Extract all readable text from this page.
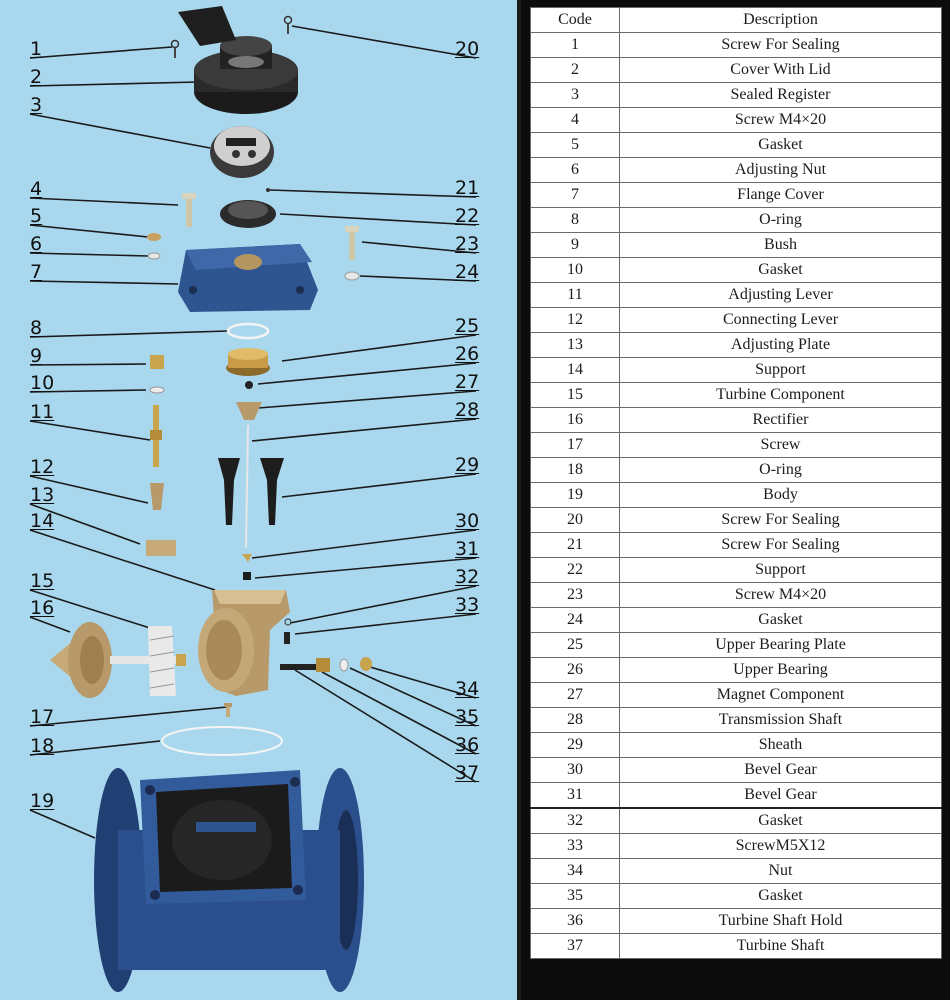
1
2
3
4
5
6
7
8
9
10
11
12
13
14
15
16
17
18
19
20
21
22
23
24
25
26
27
28
29
30
31
32
33
34
35
36
37
Code	Description
1	Screw For Sealing
2	Cover With Lid
3	Sealed Register
4	Screw M4×20
5	Gasket
6	Adjusting Nut
7	Flange Cover
8	O-ring
9	Bush
10	Gasket
11	Adjusting Lever
12	Connecting Lever
13	Adjusting Plate
14	Support
15	Turbine Component
16	Rectifier
17	Screw
18	O-ring
19	Body
20	Screw For Sealing
21	Screw For Sealing
22	Support
23	Screw M4×20
24	Gasket
25	Upper Bearing Plate
26	Upper Bearing
27	Magnet Component
28	Transmission Shaft
29	Sheath
30	Bevel Gear
31	Bevel Gear
32	Gasket
33	ScrewM5X12
34	Nut
35	Gasket
36	Turbine Shaft Hold
37	Turbine Shaft
